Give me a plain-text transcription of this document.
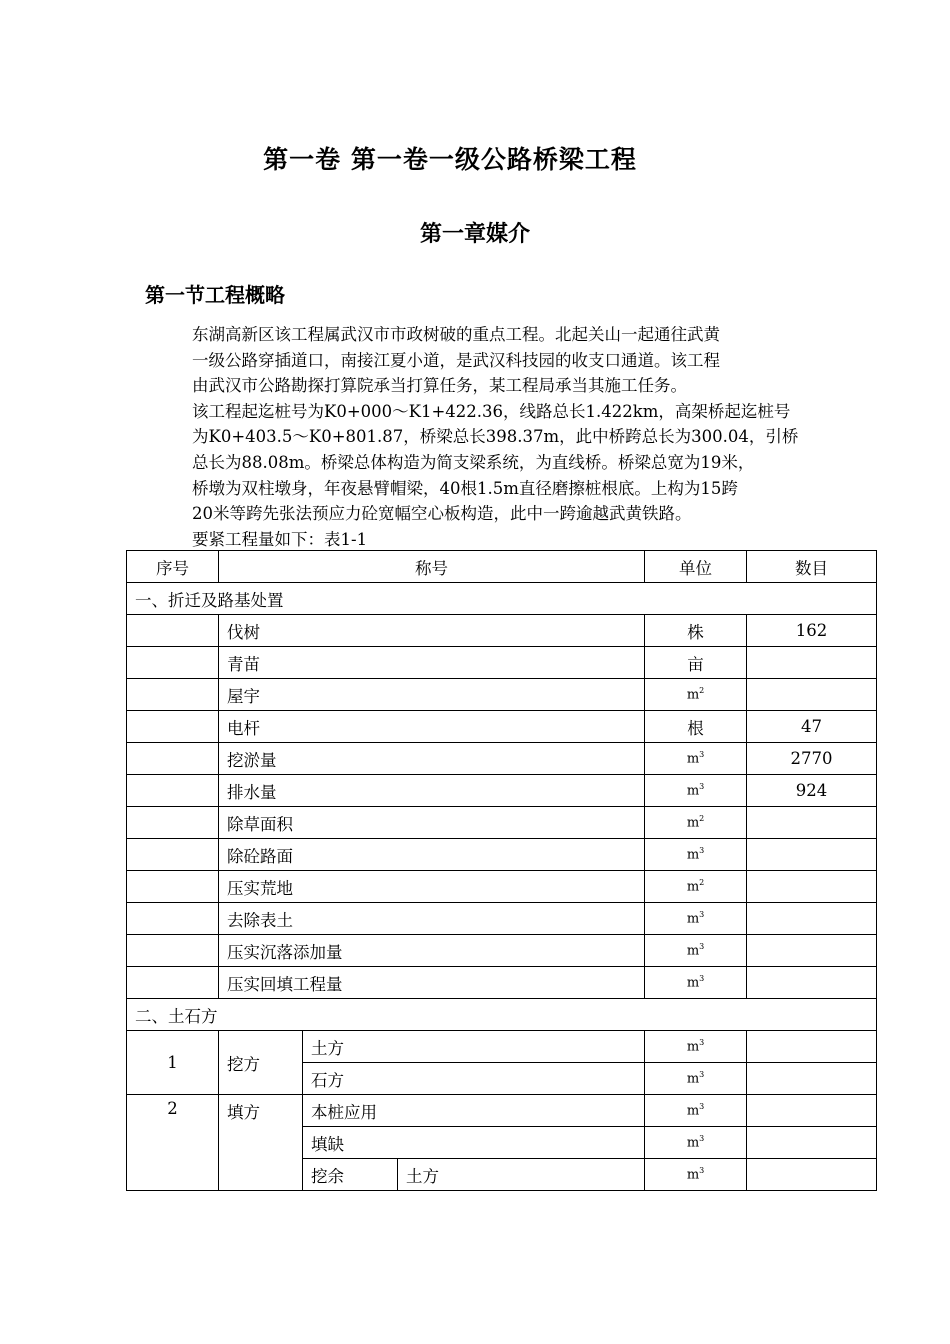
第一卷 第一卷一级公路桥梁工程
第一章媒介
第一节工程概略

东湖高新区该工程属武汉市市政树破的重点工程。北起关山一起通往武黄

一级公路穿插道口，南接江夏小道，是武汉科技园的收支口通道。该工程

由武汉市公路勘探打算院承当打算任务，某工程局承当其施工任务。

该工程起迄桩号为K0+000～K1+422.36，线路总长1.422km，高架桥起迄桩号

为K0+403.5～K0+801.87，桥梁总长398.37m，此中桥跨总长为300.04，引桥

总长为88.08m。桥梁总体构造为简支梁系统，为直线桥。桥梁总宽为19米，

桥墩为双柱墩身，年夜悬臂帽梁，40根1.5m直径磨擦桩根底。上构为15跨

20米等跨先张法预应力砼宽幅空心板构造，此中一跨逾越武黄铁路。

要紧工程量如下：表1-1

序号	称号			单位	数目
一、折迁及路基处置					
	伐树			株	162
	青苗			亩	
	屋宇			$m^2$	
	电杆			根	47
	挖淤量			$m^3$	2770
	排水量			$m^3$	924
	除草面积			$m^2$	
	除砼路面			$m^3$	
	压实荒地			$m^2$	
	去除表土			$m^3$	
	压实沉落添加量			$m^3$	
	压实回填工程量			$m^3$	
二、土石方					
1	挖方	土方		$m^3$	
		石方		$m^3$	
2	填方	本桩应用		$m^3$	
		填缺		$m^3$	
		挖余	土方	$m^3$	
